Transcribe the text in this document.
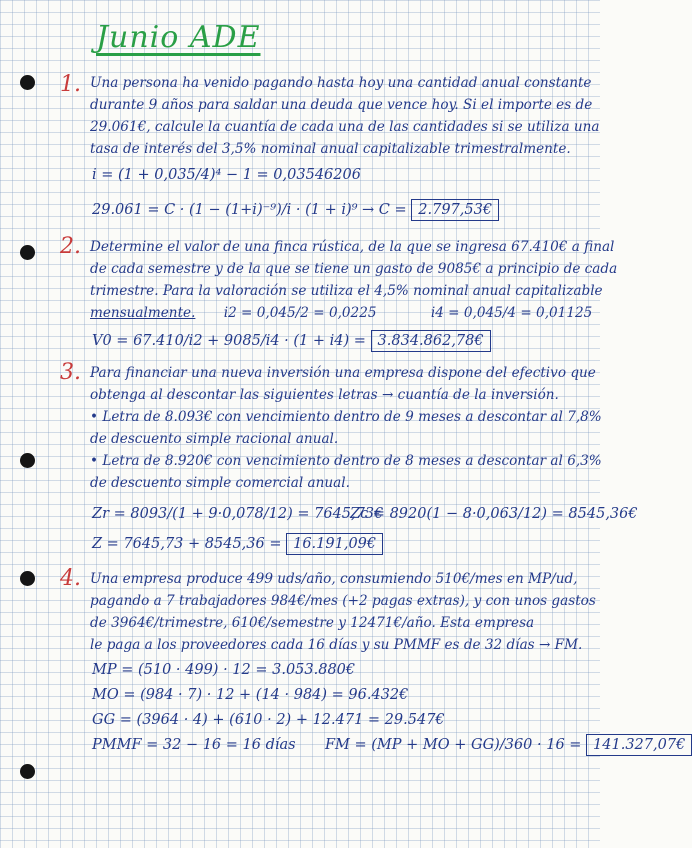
Junio ADE
1. Una persona ha venido pagando hasta hoy una cantidad anual constante
durante 9 años para saldar una deuda que vence hoy. Si el importe es de
29.061€, calcule la cuantía de cada una de las cantidades si se utiliza una
tasa de interés del 3,5% nominal anual capitalizable trimestralmente.
i = (1 + 0,035/4)⁴ − 1 = 0,03546206
29.061 = C · (1 − (1+i)⁻⁹)/i · (1 + i)⁹ → C = 2.797,53€
2. Determine el valor de una finca rústica, de la que se ingresa 67.410€ a final
de cada semestre y de la que se tiene un gasto de 9085€ a principio de cada
trimestre. Para la valoración se utiliza el 4,5% nominal anual capitalizable
mensualmente. i2 = 0,045/2 = 0,0225	i4 = 0,045/4 = 0,01125
V0 = 67.410/i2 + 9085/i4 · (1 + i4) = 3.834.862,78€
3. Para financiar una nueva inversión una empresa dispone del efectivo que
obtenga al descontar las siguientes letras → cuantía de la inversión.
• Letra de 8.093€ con vencimiento dentro de 9 meses a descontar al 7,8%
de descuento simple racional anual.
• Letra de 8.920€ con vencimiento dentro de 8 meses a descontar al 6,3%
de descuento simple comercial anual.
Zr = 8093/(1 + 9·0,078/12) = 7645,73€
Zc = 8920(1 − 8·0,063/12) = 8545,36€
Z = 7645,73 + 8545,36 = 16.191,09€
4. Una empresa produce 499 uds/año, consumiendo 510€/mes en MP/ud,
pagando a 7 trabajadores 984€/mes (+2 pagas extras), y con unos gastos
de 3964€/trimestre, 610€/semestre y 12471€/año. Esta empresa
le paga a los proveedores cada 16 días y su PMMF es de 32 días → FM.
MP = (510 · 499) · 12 = 3.053.880€
MO = (984 · 7) · 12 + (14 · 984) = 96.432€
GG = (3964 · 4) + (610 · 2) + 12.471 = 29.547€
PMMF = 32 − 16 = 16 días FM = (MP + MO + GG)/360 · 16 = 141.327,07€
